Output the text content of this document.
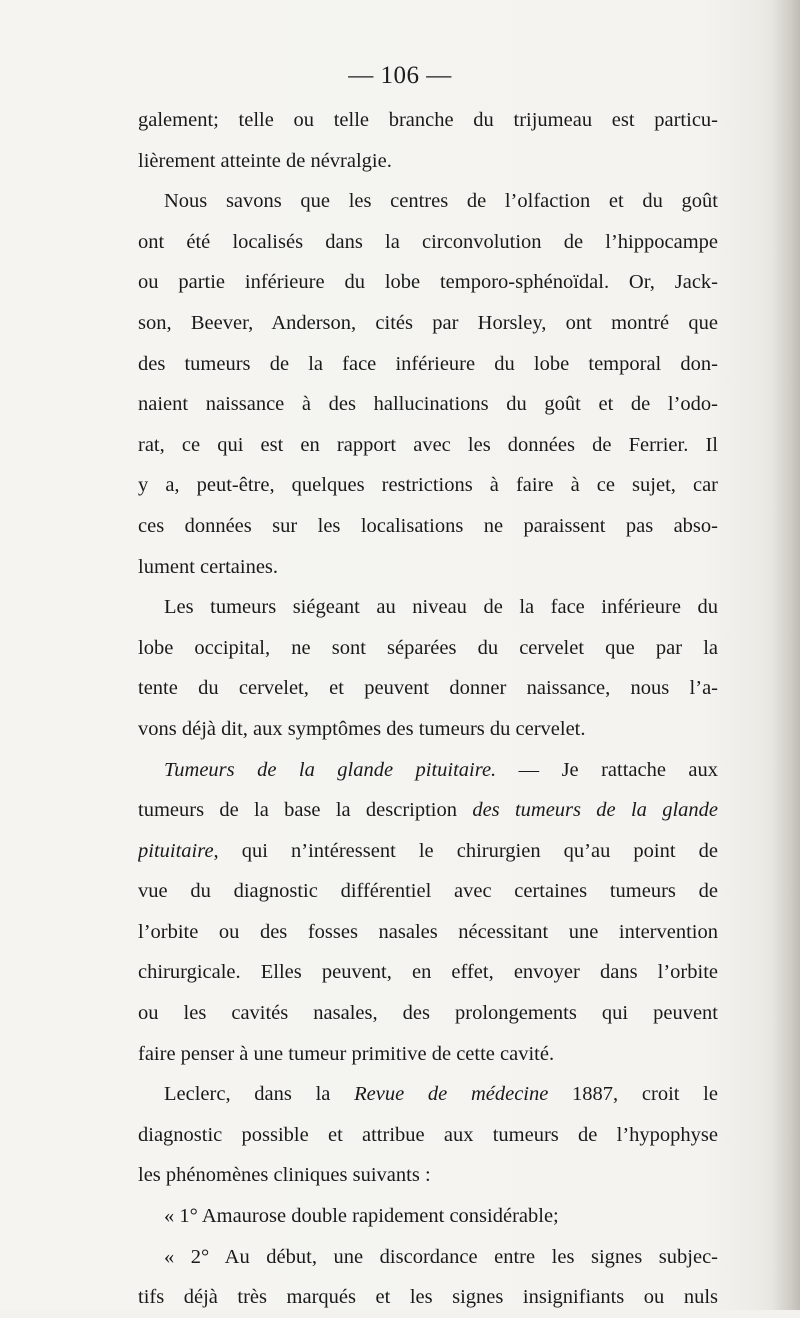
— 106 —
galement; telle ou telle branche du trijumeau est particu-
lièrement atteinte de névralgie.
Nous savons que les centres de l’olfaction et du goût
ont été localisés dans la circonvolution de l’hippocampe
ou partie inférieure du lobe temporo-sphénoïdal. Or, Jack-
son, Beever, Anderson, cités par Horsley, ont montré que
des tumeurs de la face inférieure du lobe temporal don-
naient naissance à des hallucinations du goût et de l’odo-
rat, ce qui est en rapport avec les données de Ferrier. Il
y a, peut-être, quelques restrictions à faire à ce sujet, car
ces données sur les localisations ne paraissent pas abso-
lument certaines.
Les tumeurs siégeant au niveau de la face inférieure du
lobe occipital, ne sont séparées du cervelet que par la
tente du cervelet, et peuvent donner naissance, nous l’a-
vons déjà dit, aux symptômes des tumeurs du cervelet.
Tumeurs de la glande pituitaire. — Je rattache aux
tumeurs de la base la description des tumeurs de la glande
pituitaire, qui n’intéressent le chirurgien qu’au point de
vue du diagnostic différentiel avec certaines tumeurs de
l’orbite ou des fosses nasales nécessitant une intervention
chirurgicale. Elles peuvent, en effet, envoyer dans l’orbite
ou les cavités nasales, des prolongements qui peuvent
faire penser à une tumeur primitive de cette cavité.
Leclerc, dans la Revue de médecine 1887, croit le
diagnostic possible et attribue aux tumeurs de l’hypophyse
les phénomènes cliniques suivants :
« 1° Amaurose double rapidement considérable;
« 2° Au début, une discordance entre les signes subjec-
tifs déjà très marqués et les signes insignifiants ou nuls
